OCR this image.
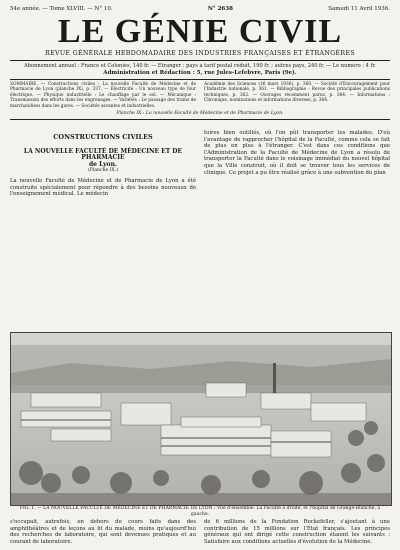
54e année. — Tome XLVIII. — N° 10.	N° 2638	Samedi 11 Avril 1936.
LE GÉNIE CIVIL
REVUE GÉNÉRALE HEBDOMADAIRE DES INDUSTRIES FRANÇAISES ET ÉTRANGÈRES
Abonnement annuel : France et Colonies, 140 fr. — Étranger : pays à tarif postal réduit, 190 fr. ; autres pays, 240 fr. — Le numéro : 4 fr.
Administration et Rédaction : 5, rue Jules-Lefebvre, Paris (9e).

SOMMAIRE. — Constructions civiles : La nouvelle Faculté de Médecine et de Pharmacie de Lyon (planche IX), p. 337. — Électricité : Un nouveau type de four électrique. — Physique industrielle : Le chauffage par le sol. — Mécanique : Transmission des efforts dans les engrenages. — Variétés : Le passage des trains de marchandises dans les gares. — Sociétés savantes et industrielles.

Académie des Sciences (16 mars 1936), p. 360. — Société d'Encouragement pour l'Industrie nationale, p. 361. — Bibliographie : Revue des principales publications techniques, p. 362. — Ouvrages récemment parus, p. 364. — Informations : Chronique, nominations et informations diverses, p. 364.

Planche IX : La nouvelle Faculté de Médecine et de Pharmacie de Lyon.
CONSTRUCTIONS CIVILES
LA NOUVELLE FACULTÉ DE MÉDECINE ET DE PHARMACIE
de Lyon.
(Planche IX.)

La nouvelle Faculté de Médecine et de Pharmacie de Lyon a été construite spécialement pour répondre à des besoins nouveaux de l'enseignement médical. Le médecin

toires bien outillés, où l'on pût transporter les malades. D'où l'avantage de rapprocher l'hôpital de la Faculté, comme cela se fait de plus en plus à l'étranger. C'est dans ces conditions que l'Administration de la Faculté de Médecine de Lyon a résolu de transporter la Faculté dans le voisinage immédiat du nouvel hôpital que la Ville construit, où il doit se trouver tous les services de clinique. Ce projet a pu être réalisé grâce à une subvention du plan

FIG. 1. — LA NOUVELLE FACULTÉ DE MÉDECINE ET DE PHARMACIE DE LYON : Vue d'ensemble. La Faculté à droite, et l'hôpital de Grange-Blanche, à gauche.

s'occupait, autrefois, en dehors de cours faits dans des amphithéâtres et de leçons au lit du malade, moins qu'aujourd'hui des recherches de laboratoire, qui sont devenues pratiques et au courant de laboratoire.

de 6 millions de la Fondation Rockefeller, s'ajoutant à une contribution de 15 millions sur l'État français. Les principes généraux qui ont dirigé cette construction étaient les suivants : Satisfaire aux conditions actuelles d'évolution de la Médecine.
